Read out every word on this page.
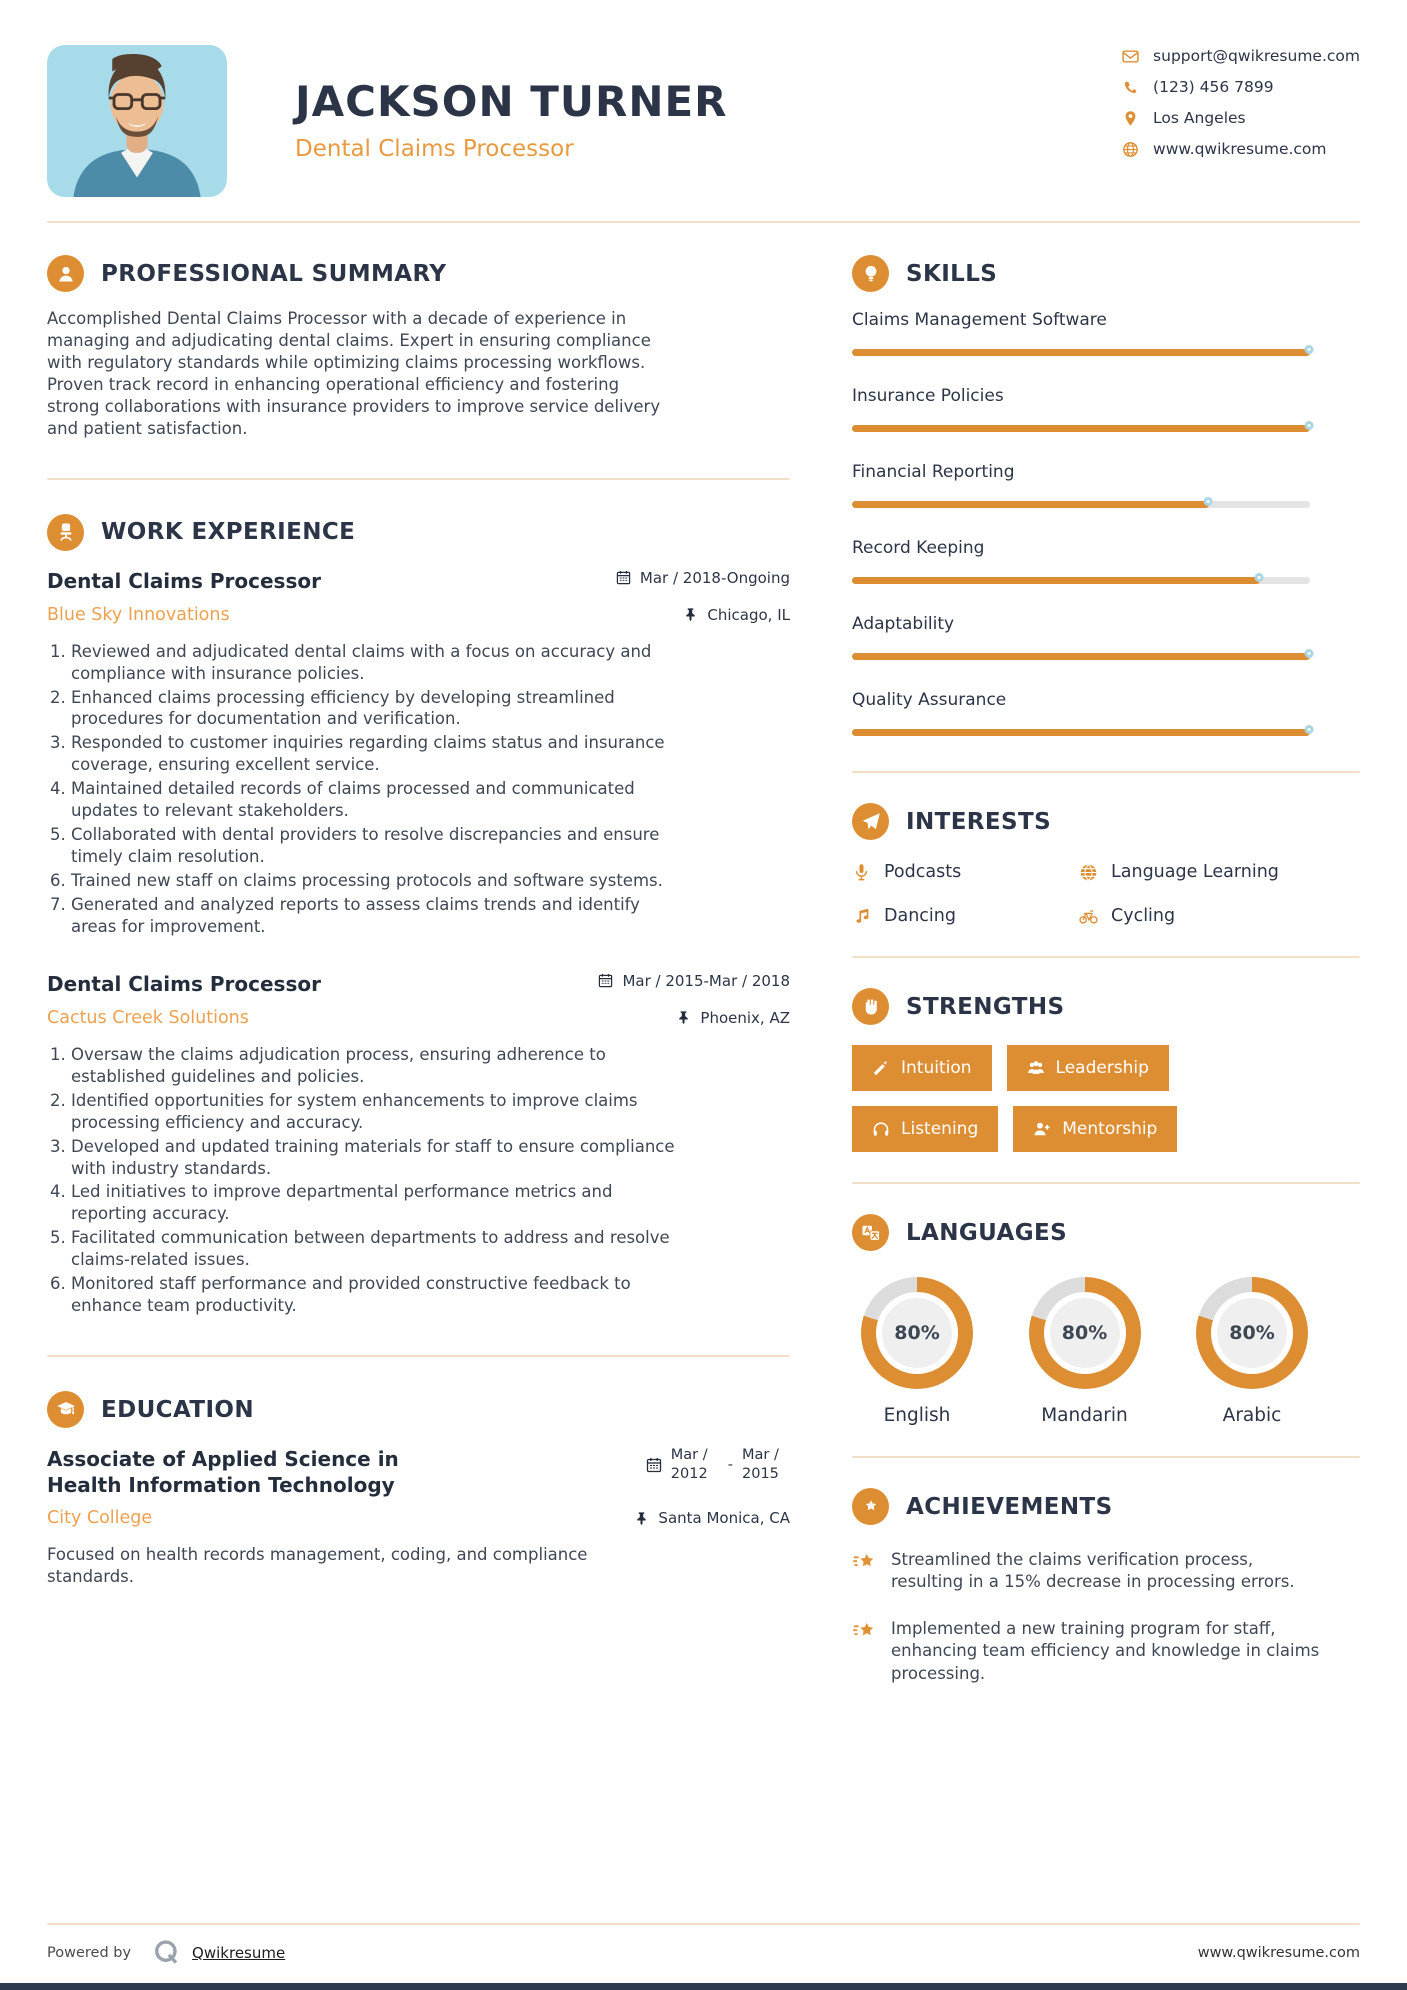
JACKSON TURNER
Dental Claims Processor
support@qwikresume.com
(123) 456 7899
Los Angeles
www.qwikresume.com
PROFESSIONAL SUMMARY

Accomplished Dental Claims Processor with a decade of experience in managing and adjudicating dental claims. Expert in ensuring compliance with regulatory standards while optimizing claims processing workflows. Proven track record in enhancing operational efficiency and fostering strong collaborations with insurance providers to improve service delivery and patient satisfaction.

WORK EXPERIENCE
Dental Claims Processor	Mar / 2018-Ongoing
Blue Sky Innovations	Chicago, IL
1. Reviewed and adjudicated dental claims with a focus on accuracy and compliance with insurance policies.
2. Enhanced claims processing efficiency by developing streamlined procedures for documentation and verification.
3. Responded to customer inquiries regarding claims status and insurance coverage, ensuring excellent service.
4. Maintained detailed records of claims processed and communicated updates to relevant stakeholders.
5. Collaborated with dental providers to resolve discrepancies and ensure timely claim resolution.
6. Trained new staff on claims processing protocols and software systems.
7. Generated and analyzed reports to assess claims trends and identify areas for improvement.
Dental Claims Processor	Mar / 2015-Mar / 2018
Cactus Creek Solutions	Phoenix, AZ
1. Oversaw the claims adjudication process, ensuring adherence to established guidelines and policies.
2. Identified opportunities for system enhancements to improve claims processing efficiency and accuracy.
3. Developed and updated training materials for staff to ensure compliance with industry standards.
4. Led initiatives to improve departmental performance metrics and reporting accuracy.
5. Facilitated communication between departments to address and resolve claims-related issues.
6. Monitored staff performance and provided constructive feedback to enhance team productivity.
EDUCATION
Associate of Applied Science in Health Information Technology
Mar / 2012
-
Mar / 2015
City College	Santa Monica, CA

Focused on health records management, coding, and compliance standards.

SKILLS
Claims Management Software
Insurance Policies
Financial Reporting
Record Keeping
Adaptability
Quality Assurance
INTERESTS
Podcasts	Language Learning
Dancing	Cycling
STRENGTHS
Intuition	Leadership
Listening	Mentorship
LANGUAGES
80%
English
80%
Mandarin
80%
Arabic
ACHIEVEMENTS
Streamlined the claims verification process, resulting in a 15% decrease in processing errors.
Implemented a new training program for staff, enhancing team efficiency and knowledge in claims processing.
Powered by	Qwikresume	www.qwikresume.com
